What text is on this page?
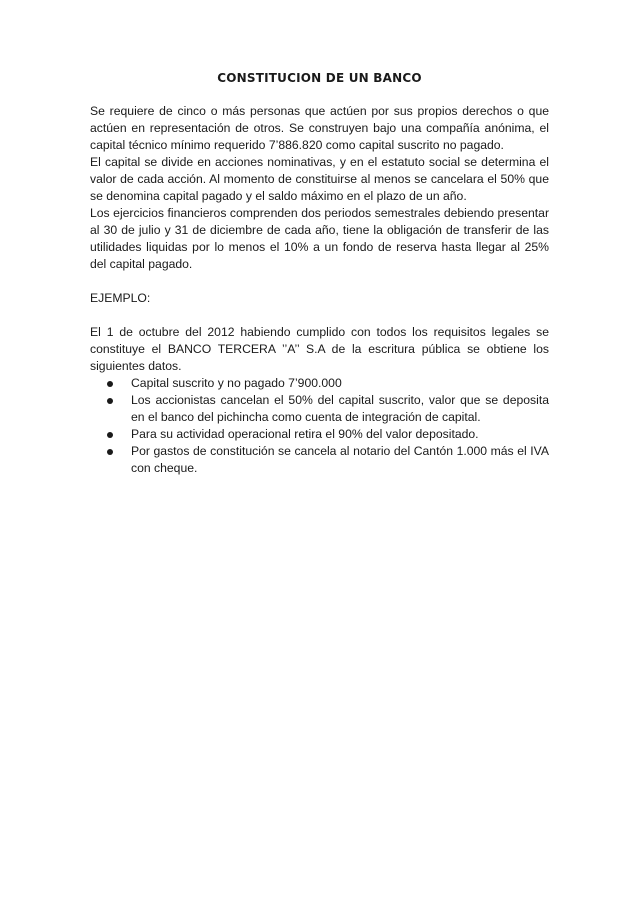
CONSTITUCION DE UN BANCO

Se requiere de cinco o más personas que actúen por sus propios derechos o que actúen en representación de otros. Se construyen bajo una compañía anónima, el capital técnico mínimo requerido 7’886.820 como capital suscrito no pagado.

El capital se divide en acciones nominativas, y en el estatuto social se determina el valor de cada acción. Al momento de constituirse al menos se cancelara el 50% que se denomina capital pagado y el saldo máximo en el plazo de un año.

Los ejercicios financieros comprenden dos periodos semestrales debiendo presentar al 30 de julio y 31 de diciembre de cada año, tiene la obligación de transferir de las utilidades liquidas por lo menos el 10% a un fondo de reserva hasta llegar al 25% del capital pagado.

EJEMPLO:

El 1 de octubre del 2012 habiendo cumplido con todos los requisitos legales se constituye el BANCO TERCERA ’’A’’ S.A de la escritura pública se obtiene los siguientes datos.

Capital suscrito y no pagado 7’900.000
Los accionistas cancelan el 50% del capital suscrito, valor que se deposita en el banco del pichincha como cuenta de integración de capital.
Para su actividad operacional retira el 90% del valor depositado.
Por gastos de constitución se cancela al notario del Cantón 1.000 más el IVA con cheque.
